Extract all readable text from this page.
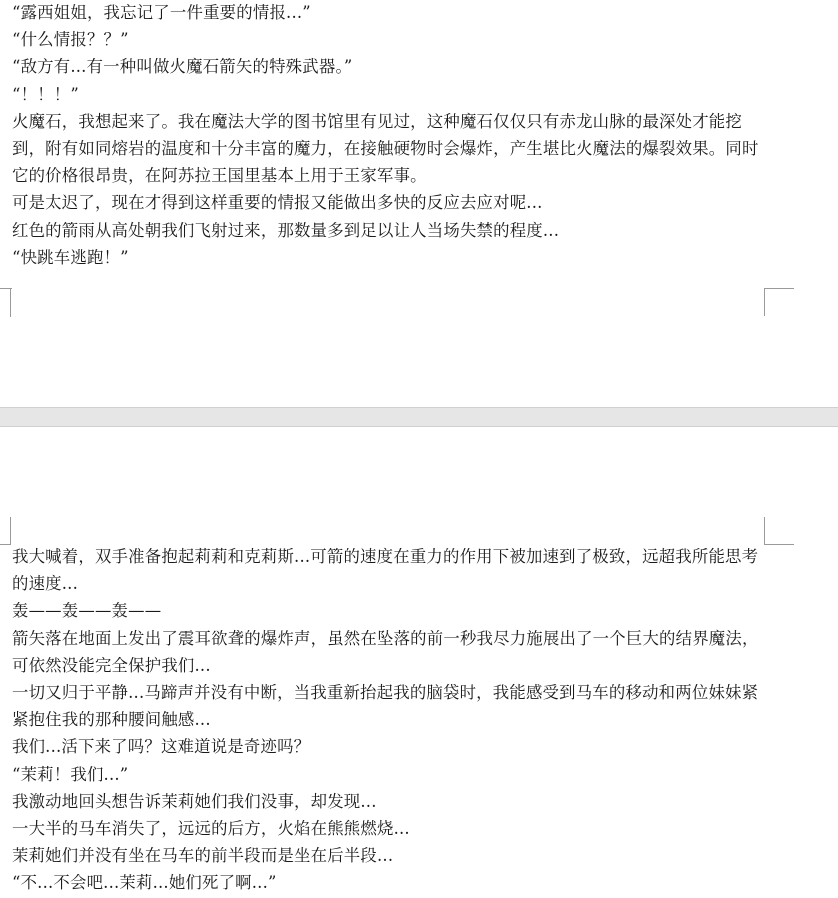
“露西姐姐，我忘记了一件重要的情报...”

“什么情报？？”

“敌方有...有一种叫做火魔石箭矢的特殊武器。”

“！！！”

火魔石，我想起来了。我在魔法大学的图书馆里有见过，这种魔石仅仅只有赤龙山脉的最深处才能挖到，附有如同熔岩的温度和十分丰富的魔力，在接触硬物时会爆炸，产生堪比火魔法的爆裂效果。同时它的价格很昂贵，在阿苏拉王国里基本上用于王家军事。

可是太迟了，现在才得到这样重要的情报又能做出多快的反应去应对呢...

红色的箭雨从高处朝我们飞射过来，那数量多到足以让人当场失禁的程度...

“快跳车逃跑！”

我大喊着，双手准备抱起莉莉和克莉斯...可箭的速度在重力的作用下被加速到了极致，远超我所能思考的速度...

轰——轰——轰——

箭矢落在地面上发出了震耳欲聋的爆炸声，虽然在坠落的前一秒我尽力施展出了一个巨大的结界魔法，可依然没能完全保护我们...

一切又归于平静...马蹄声并没有中断，当我重新抬起我的脑袋时，我能感受到马车的移动和两位妹妹紧紧抱住我的那种腰间触感...

我们...活下来了吗？这难道说是奇迹吗？

“茉莉！我们...”

我激动地回头想告诉茉莉她们我们没事，却发现...

一大半的马车消失了，远远的后方，火焰在熊熊燃烧...

茉莉她们并没有坐在马车的前半段而是坐在后半段...

“不...不会吧...茉莉...她们死了啊...”
